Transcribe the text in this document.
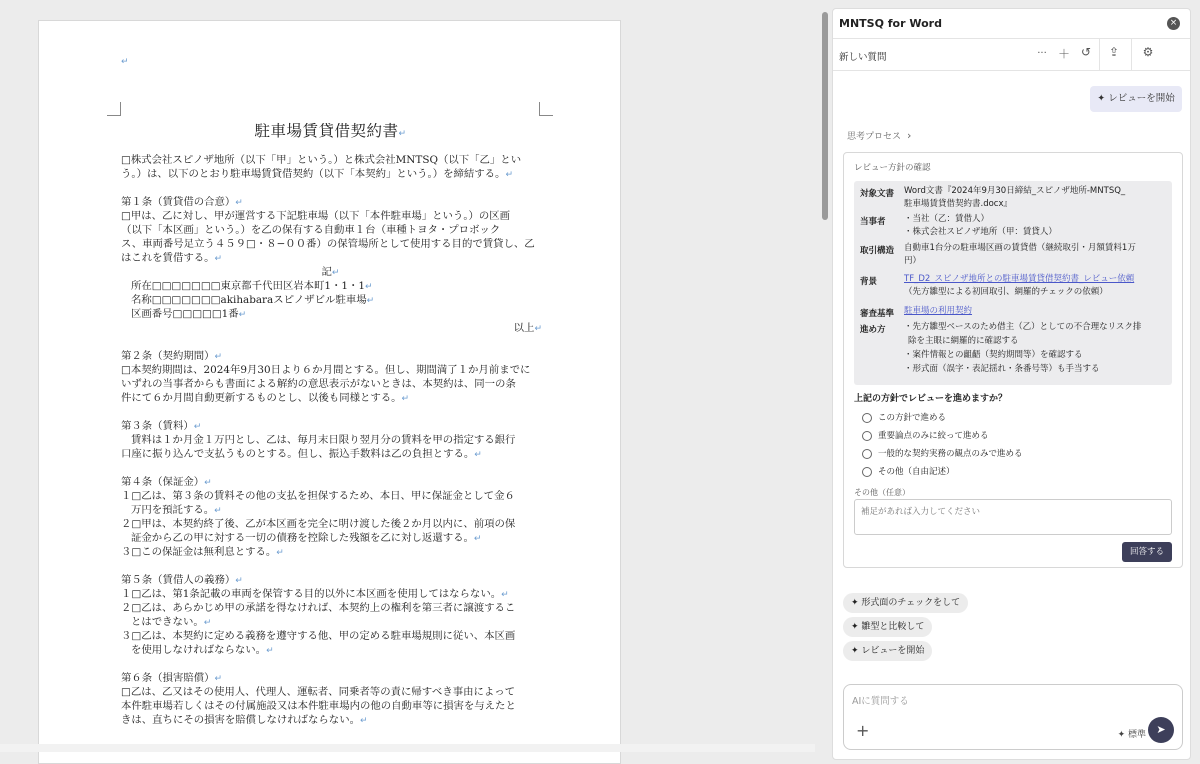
↵
駐車場賃貸借契約書↵
□株式会社スピノザ地所（以下「甲」という。）と株式会社MNTSQ（以下「乙」とい
う。）は、以下のとおり駐車場賃貸借契約（以下「本契約」という。）を締結する。↵
第１条（賃貸借の合意）↵
□甲は、乙に対し、甲が運営する下記駐車場（以下「本件駐車場」という。）の区画
（以下「本区画」という。）を乙の保有する自動車１台（車種トヨタ・プロボック
ス、車両番号足立う４５９□・８−００番）の保管場所として使用する目的で賃貸し、乙
はこれを賃借する。↵
記↵
所在□□□□□□□東京都千代田区岩本町1・1・1↵
名称□□□□□□□akihabaraスピノザビル駐車場↵
区画番号□□□□□1番↵
以上↵
第２条（契約期間）↵
□本契約期間は、2024年9月30日より６か月間とする。但し、期間満了１か月前までに
いずれの当事者からも書面による解約の意思表示がないときは、本契約は、同一の条
件にて６か月間自動更新するものとし、以後も同様とする。↵
第３条（賃料）↵
賃料は１か月金１万円とし、乙は、毎月末日限り翌月分の賃料を甲の指定する銀行
口座に振り込んで支払うものとする。但し、振込手数料は乙の負担とする。↵
第４条（保証金）↵
１□乙は、第３条の賃料その他の支払を担保するため、本日、甲に保証金として金６
万円を預託する。↵
２□甲は、本契約終了後、乙が本区画を完全に明け渡した後２か月以内に、前項の保
証金から乙の甲に対する一切の債務を控除した残額を乙に対し返還する。↵
３□この保証金は無利息とする。↵
第５条（賃借人の義務）↵
１□乙は、第1条記載の車両を保管する目的以外に本区画を使用してはならない。↵
２□乙は、あらかじめ甲の承諾を得なければ、本契約上の権利を第三者に譲渡するこ
とはできない。↵
３□乙は、本契約に定める義務を遵守する他、甲の定める駐車場規則に従い、本区画
を使用しなければならない。↵
第６条（損害賠償）↵
□乙は、乙又はその使用人、代理人、運転者、同乗者等の責に帰すべき事由によって
本件駐車場若しくはその付属施設又は本件駐車場内の他の自動車等に損害を与えたと
きは、直ちにその損害を賠償しなければならない。↵
MNTSQ for Word	×
新しい質問	··· ＋ ↺	⇪	⚙
✦ レビューを開始
思考プロセス ›
レビュー方針の確認
対象文書 Word文書『2024年9月30日締結_スピノザ地所-MNTSQ_
駐車場賃貸借契約書.docx』
当事者 ・当社（乙：賃借人）
・株式会社スピノザ地所（甲：賃貸人）
取引構造 自動車1台分の駐車場区画の賃貸借（継続取引・月額賃料1万
円）
背景	TF_D2_スピノザ地所との駐車場賃貸借契約書_レビュー依頼
（先方雛型による初回取引、網羅的チェックの依頼）
審査基準 駐車場の利用契約
進め方 ・先方雛型ベースのため借主（乙）としての不合理なリスク排
除を主眼に網羅的に確認する
・案件情報との齟齬（契約期間等）を確認する
・形式面（誤字・表記揺れ・条番号等）も手当する
上記の方針でレビューを進めますか？
この方針で進める
重要論点のみに絞って進める
一般的な契約実務の観点のみで進める
その他（自由記述）
その他（任意）
補足があれば入力してください
回答する
✦ 形式面のチェックをして
✦ 雛型と比較して
✦ レビューを開始
AIに質問する
+	✦ 標準 ➤
